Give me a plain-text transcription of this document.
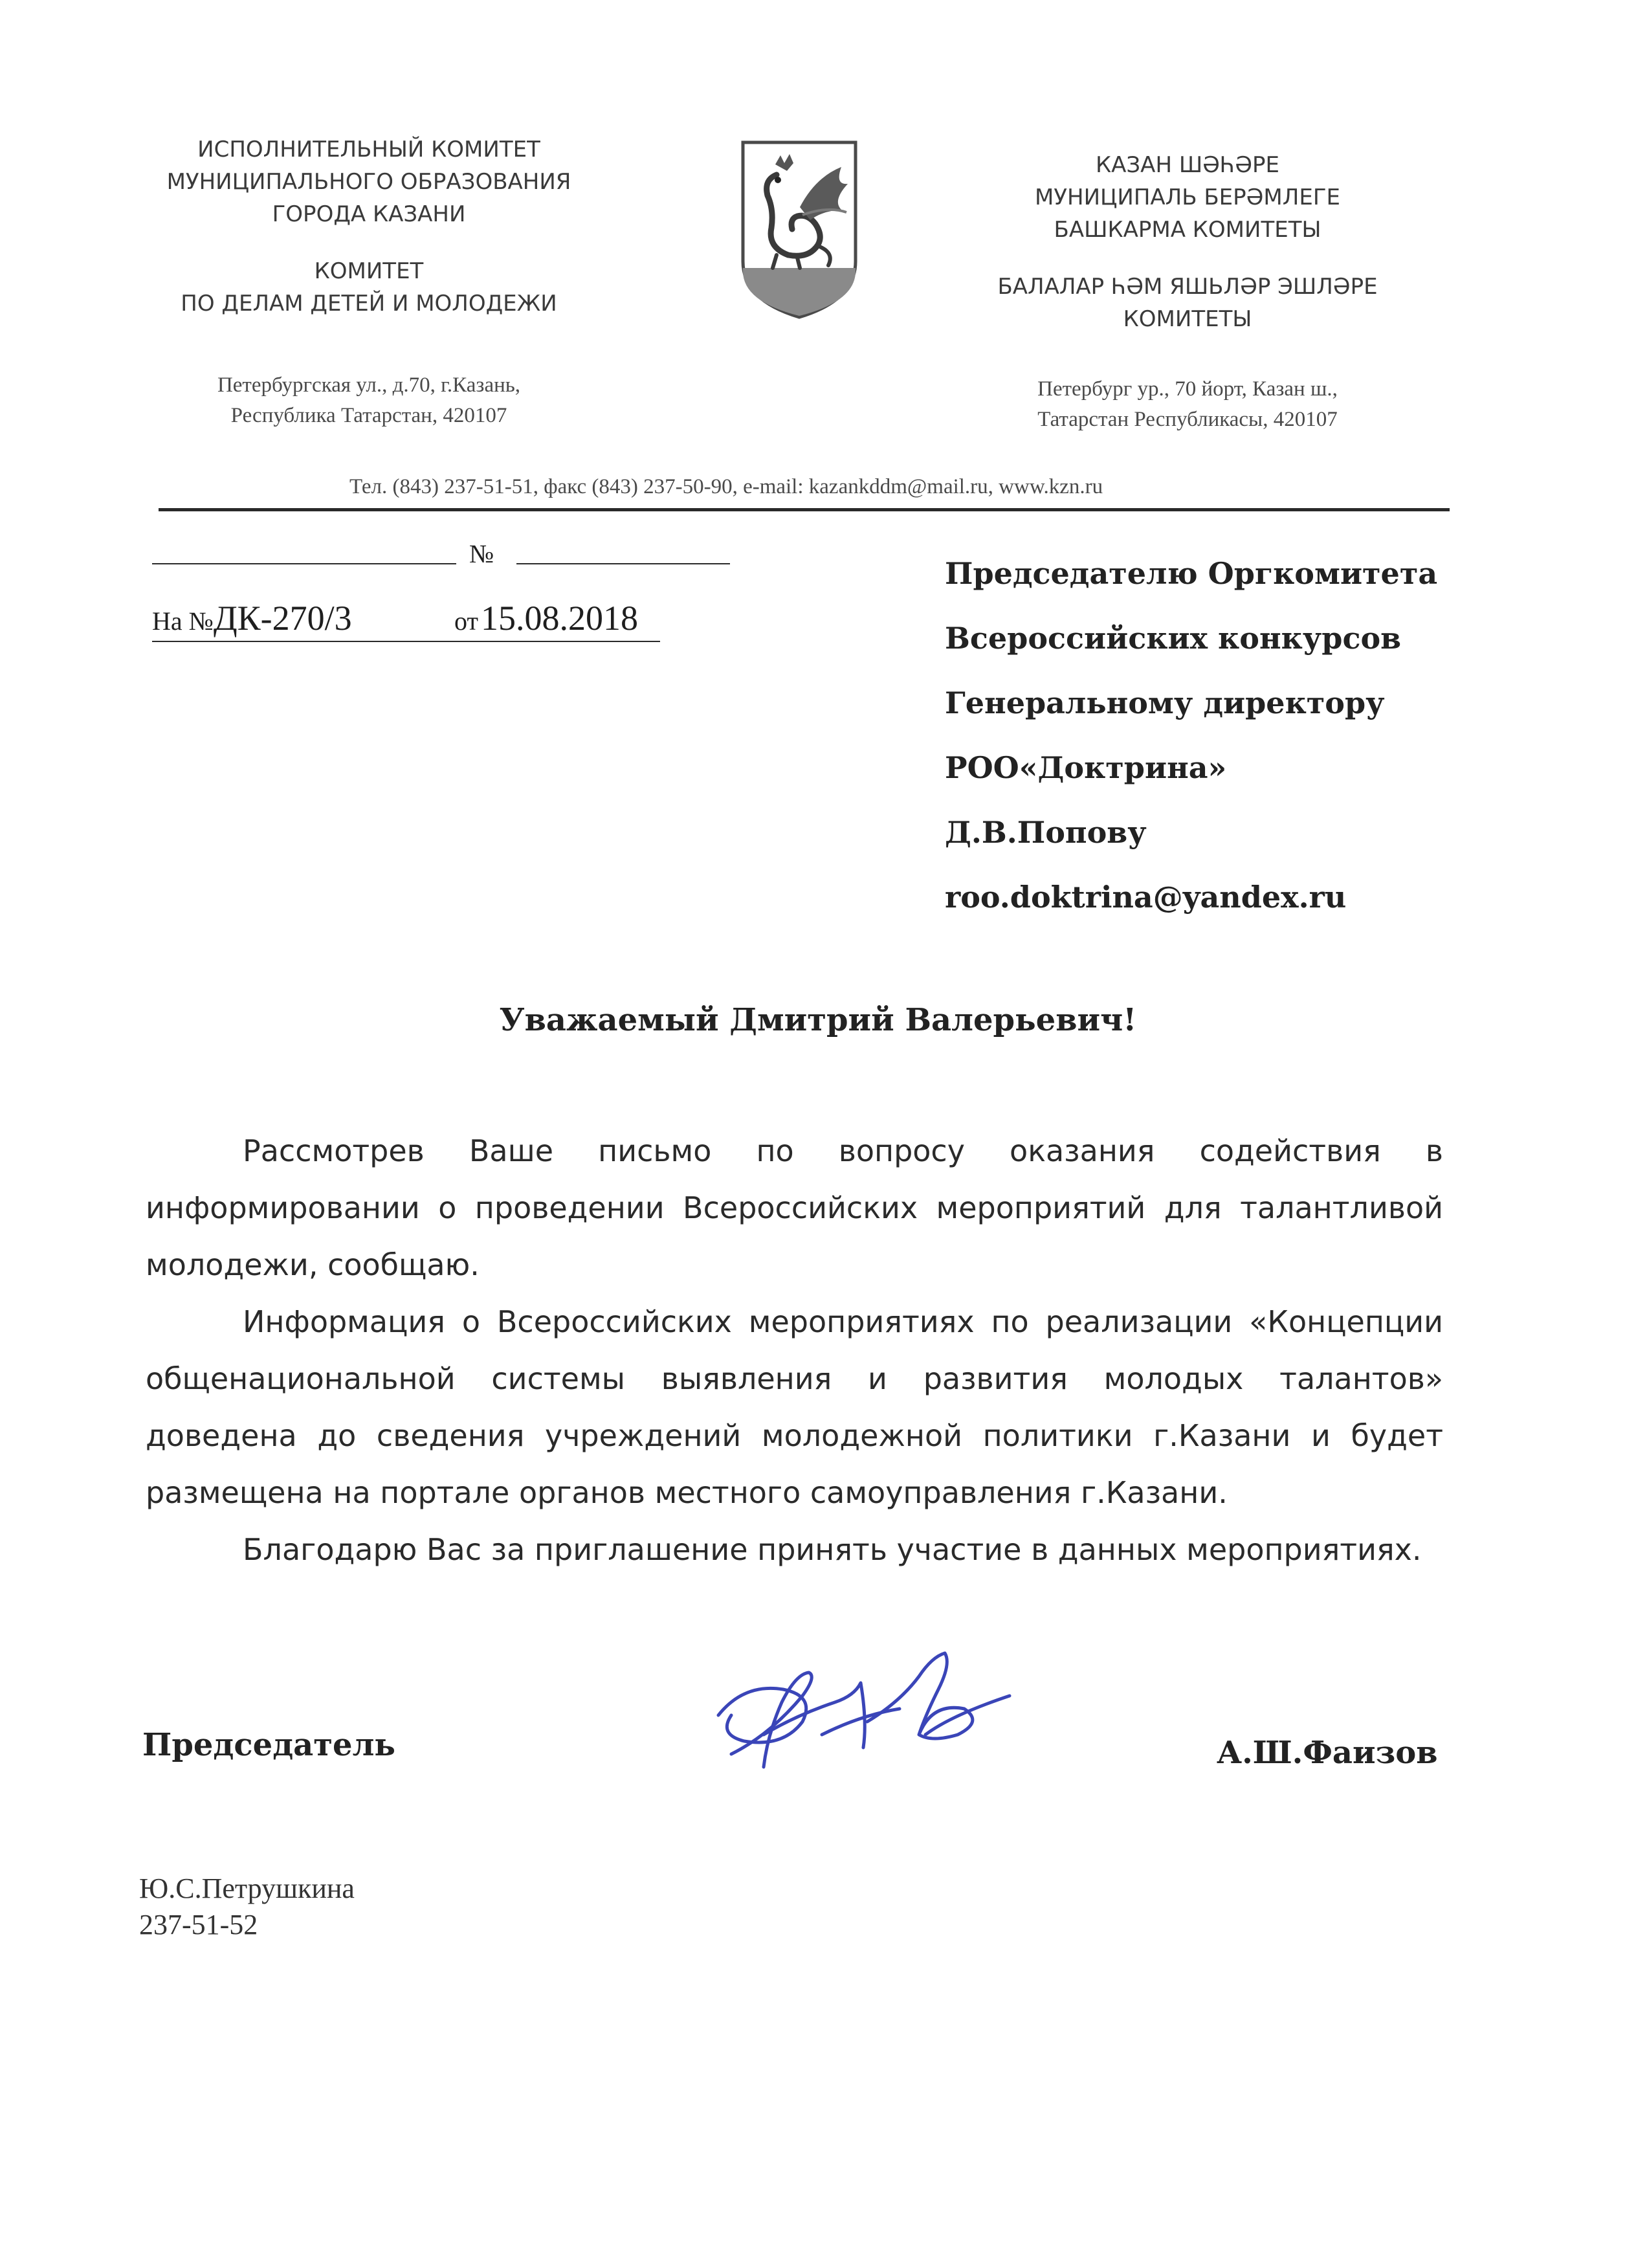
ИСПОЛНИТЕЛЬНЫЙ КОМИТЕТ
МУНИЦИПАЛЬНОГО ОБРАЗОВАНИЯ
ГОРОДА КАЗАНИ
КОМИТЕТ
ПО ДЕЛАМ ДЕТЕЙ И МОЛОДЕЖИ
Петербургская ул., д.70, г.Казань,
Республика Татарстан, 420107
КАЗАН ШӘҺӘРЕ
МУНИЦИПАЛЬ БЕРӘМЛЕГЕ
БАШКАРМА КОМИТЕТЫ
БАЛАЛАР ҺӘМ ЯШЬЛӘР ЭШЛӘРЕ
КОМИТЕТЫ
Петербург ур., 70 йорт, Казан ш.,
Татарстан Республикасы, 420107
Тел. (843) 237-51-51, факс (843) 237-50-90, e-mail: kazankddm@mail.ru, www.kzn.ru
№
На №ДК-270/3	от 15.08.2018
Председателю Оргкомитета
Всероссийских конкурсов
Генеральному директору
РОО«Доктрина»
Д.В.Попову
roo.doktrina@yandex.ru
Уважаемый Дмитрий Валерьевич!
Рассмотрев Ваше письмо по вопросу оказания содействия в
информировании о проведении Всероссийских мероприятий для талантливой
молодежи, сообщаю.
Информация о Всероссийских мероприятиях по реализации «Концепции
общенациональной системы выявления и развития молодых талантов»
доведена до сведения учреждений молодежной политики г.Казани и будет
размещена на портале органов местного самоуправления г.Казани.
Благодарю Вас за приглашение принять участие в данных мероприятиях.
Председатель	А.Ш.Фаизов
Ю.С.Петрушкина
237-51-52
